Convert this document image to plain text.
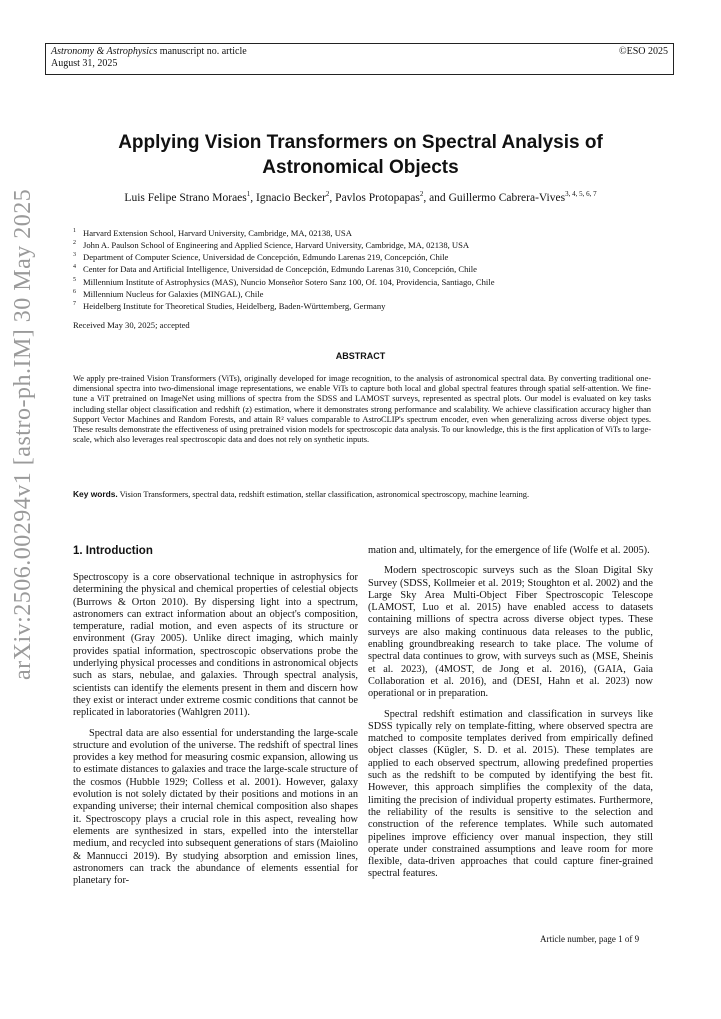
Astronomy & Astrophysics manuscript no. article
August 31, 2025
©ESO 2025
arXiv:2506.00294v1 [astro-ph.IM] 30 May 2025
Applying Vision Transformers on Spectral Analysis of
Astronomical Objects
Luis Felipe Strano Moraes$^1$, Ignacio Becker$^2$, Pavlos Protopapas$^2$, and Guillermo Cabrera-Vives$^{3, 4, 5, 6, 7}$
$^1$ Harvard Extension School, Harvard University, Cambridge, MA, 02138, USA
$^2$ John A. Paulson School of Engineering and Applied Science, Harvard University, Cambridge, MA, 02138, USA
$^3$ Department of Computer Science, Universidad de Concepción, Edmundo Larenas 219, Concepción, Chile
$^4$ Center for Data and Artificial Intelligence, Universidad de Concepción, Edmundo Larenas 310, Concepción, Chile
$^5$ Millennium Institute of Astrophysics (MAS), Nuncio Monseñor Sotero Sanz 100, Of. 104, Providencia, Santiago, Chile
$^6$ Millennium Nucleus for Galaxies (MINGAL), Chile
$^7$ Heidelberg Institute for Theoretical Studies, Heidelberg, Baden-Württemberg, Germany
Received May 30, 2025; accepted
ABSTRACT
We apply pre-trained Vision Transformers (ViTs), originally developed for image recognition, to the analysis of astronomical spectral data. By converting traditional one-dimensional spectra into two-dimensional image representations, we enable ViTs to capture both local and global spectral features through spatial self-attention. We fine-tune a ViT pretrained on ImageNet using millions of spectra from the SDSS and LAMOST surveys, represented as spectral plots. Our model is evaluated on key tasks including stellar object classification and redshift (z) estimation, where it demonstrates strong performance and scalability. We achieve classification accuracy higher than Support Vector Machines and Random Forests, and attain R² values comparable to AstroCLIP's spectrum encoder, even when generalizing across diverse object types. These results demonstrate the effectiveness of using pretrained vision models for spectroscopic data analysis. To our knowledge, this is the first application of ViTs to large-scale, which also leverages real spectroscopic data and does not rely on synthetic inputs.
Key words. Vision Transformers, spectral data, redshift estimation, stellar classification, astronomical spectroscopy, machine learning.
1. Introduction

Spectroscopy is a core observational technique in astrophysics for determining the physical and chemical properties of celestial objects (Burrows & Orton 2010). By dispersing light into a spectrum, astronomers can extract information about an object's composition, temperature, radial motion, and even aspects of its structure or environment (Gray 2005). Unlike direct imaging, which mainly provides spatial information, spectroscopic observations probe the underlying physical processes and conditions in astronomical objects such as stars, nebulae, and galaxies. Through spectral analysis, scientists can identify the elements present in them and discern how they exist or interact under extreme cosmic conditions that cannot be replicated in laboratories (Wahlgren 2011).

Spectral data are also essential for understanding the large-scale structure and evolution of the universe. The redshift of spectral lines provides a key method for measuring cosmic expansion, allowing us to estimate distances to galaxies and trace the large-scale structure of the cosmos (Hubble 1929; Colless et al. 2001). However, galaxy evolution is not solely dictated by their positions and motions in an expanding universe; their internal chemical composition also shapes it. Spectroscopy plays a crucial role in this aspect, revealing how elements are synthesized in stars, expelled into the interstellar medium, and recycled into subsequent generations of stars (Maiolino & Mannucci 2019). By studying absorption and emission lines, astronomers can track the abundance of elements essential for planetary for-

mation and, ultimately, for the emergence of life (Wolfe et al. 2005).

Modern spectroscopic surveys such as the Sloan Digital Sky Survey (SDSS, Kollmeier et al. 2019; Stoughton et al. 2002) and the Large Sky Area Multi-Object Fiber Spectroscopic Telescope (LAMOST, Luo et al. 2015) have enabled access to datasets containing millions of spectra across diverse object types. These surveys are also making continuous data releases to the public, enabling groundbreaking research to take place. The volume of spectral data continues to grow, with surveys such as (MSE, Sheinis et al. 2023), (4MOST, de Jong et al. 2016), (GAIA, Gaia Collaboration et al. 2016), and (DESI, Hahn et al. 2023) now operational or in preparation.

Spectral redshift estimation and classification in surveys like SDSS typically rely on template-fitting, where observed spectra are matched to composite templates derived from empirically defined object classes (Kügler, S. D. et al. 2015). These templates are applied to each observed spectrum, allowing predefined properties such as the redshift to be computed by identifying the best fit. However, this approach simplifies the complexity of the data, limiting the precision of individual property estimates. Furthermore, the reliability of the results is sensitive to the selection and construction of the reference templates. While such automated pipelines improve efficiency over manual inspection, they still operate under constrained assumptions and leave room for more flexible, data-driven approaches that could capture finer-grained spectral features.

Article number, page 1 of 9
